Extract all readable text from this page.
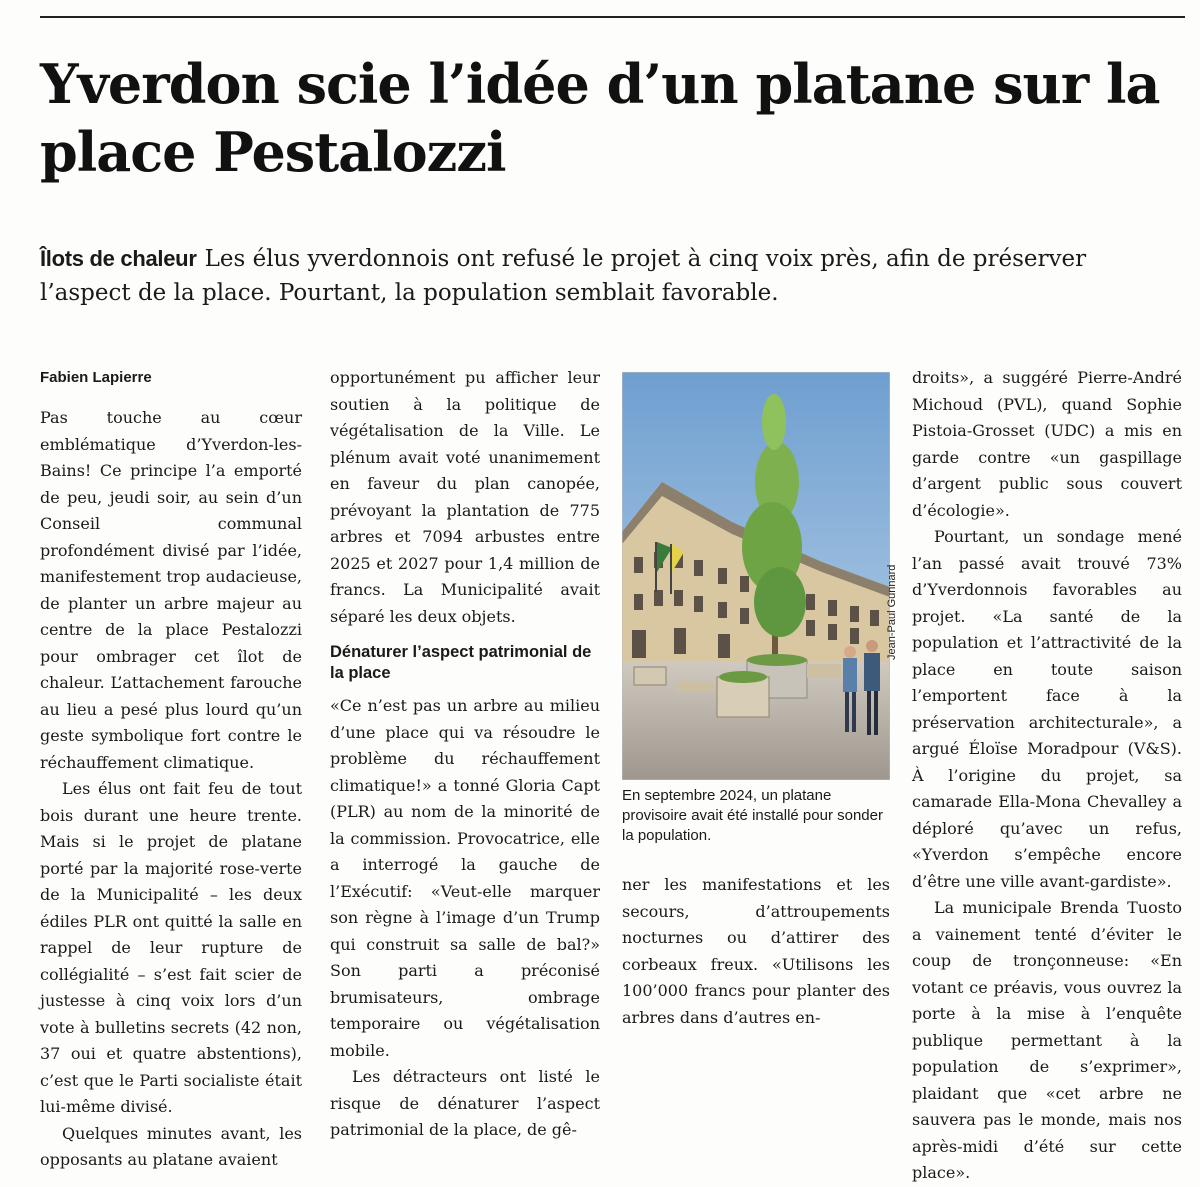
Yverdon scie l’idée d’un platane sur la place Pestalozzi

Îlots de chaleur Les élus yverdonnois ont refusé le projet à cinq voix près, afin de préserver l’aspect de la place. Pourtant, la population semblait favorable.

Fabien Lapierre

Pas touche au cœur emblématique d’Yverdon-les-Bains! Ce principe l’a emporté de peu, jeudi soir, au sein d’un Conseil communal profondément divisé par l’idée, manifestement trop audacieuse, de planter un arbre majeur au centre de la place Pestalozzi pour ombrager cet îlot de chaleur. L’attachement farouche au lieu a pesé plus lourd qu’un geste symbolique fort contre le réchauffement climatique.

Les élus ont fait feu de tout bois durant une heure trente. Mais si le projet de platane porté par la majorité rose-verte de la Municipalité – les deux édiles PLR ont quitté la salle en rappel de leur rupture de collégialité – s’est fait scier de justesse à cinq voix lors d’un vote à bulletins secrets (42 non, 37 oui et quatre abstentions), c’est que le Parti socialiste était lui-même divisé.

Quelques minutes avant, les opposants au platane avaient

opportunément pu afficher leur soutien à la politique de végétalisation de la Ville. Le plénum avait voté unanimement en faveur du plan canopée, prévoyant la plantation de 775 arbres et 7094 arbustes entre 2025 et 2027 pour 1,4 million de francs. La Municipalité avait séparé les deux objets.

Dénaturer l’aspect patrimonial de la place

«Ce n’est pas un arbre au milieu d’une place qui va résoudre le problème du réchauffement climatique!» a tonné Gloria Capt (PLR) au nom de la minorité de la commission. Provocatrice, elle a interrogé la gauche de l’Exécutif: «Veut-elle marquer son règne à l’image d’un Trump qui construit sa salle de bal?» Son parti a préconisé brumisateurs, ombrage temporaire ou végétalisation mobile.

Les détracteurs ont listé le risque de dénaturer l’aspect patrimonial de la place, de gê-

Jean-Paul Gunnard

En septembre 2024, un platane provisoire avait été installé pour sonder la population.

ner les manifestations et les secours, d’attroupements nocturnes ou d’attirer des corbeaux freux. «Utilisons les 100’000 francs pour planter des arbres dans d’autres en-

droits», a suggéré Pierre-André Michoud (PVL), quand Sophie Pistoia-Grosset (UDC) a mis en garde contre «un gaspillage d’argent public sous couvert d’écologie».

Pourtant, un sondage mené l’an passé avait trouvé 73% d’Yverdonnois favorables au projet. «La santé de la population et l’attractivité de la place en toute saison l’emportent face à la préservation architecturale», a argué Éloïse Moradpour (V&S). À l’origine du projet, sa camarade Ella-Mona Chevalley a déploré qu’avec un refus, «Yverdon s’empêche encore d’être une ville avant-gardiste».

La municipale Brenda Tuosto a vainement tenté d’éviter le coup de tronçonneuse: «En votant ce préavis, vous ouvrez la porte à la mise à l’enquête publique permettant à la population de s’exprimer», plaidant que «cet arbre ne sauvera pas le monde, mais nos après-midi d’été sur cette place».
